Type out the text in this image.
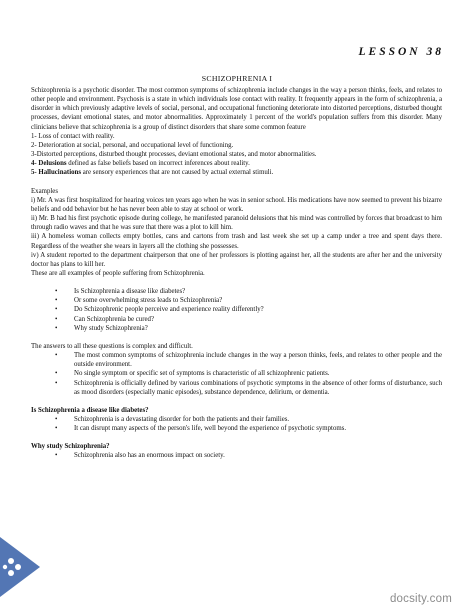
LESSON 38
SCHIZOPHRENIA I

Schizophrenia is a psychotic disorder. The most common symptoms of schizophrenia include changes in the way a person thinks, feels, and relates to other people and environment. Psychosis is a state in which individuals lose contact with reality. It frequently appears in the form of schizophrenia, a disorder in which previously adaptive levels of social, personal, and occupational functioning deteriorate into distorted perceptions, disturbed thought processes, deviant emotional states, and motor abnormalities. Approximately 1 percent of the world's population suffers from this disorder. Many clinicians believe that schizophrenia is a group of distinct disorders that share some common feature

1- Loss of contact with reality.

2- Deterioration at social, personal, and occupational level of functioning.

3-Distorted perceptions, disturbed thought processes, deviant emotional states, and motor abnormalities.

4- Delusions defined as false beliefs based on incorrect inferences about reality.

5- Hallucinations are sensory experiences that are not caused by actual external stimuli.

Examples

i) Mr. A was first hospitalized for hearing voices ten years ago when he was in senior school. His medications have now seemed to prevent his bizarre beliefs and odd behavior but he has never been able to stay at school or work.

ii) Mr. B had his first psychotic episode during college, he manifested paranoid delusions that his mind was controlled by forces that broadcast to him through radio waves and that he was sure that there was a plot to kill him.

iii) A homeless woman collects empty bottles, cans and cartons from trash and last week she set up a camp under a tree and spent days there. Regardless of the weather she wears in layers all the clothing she possesses.

iv) A student reported to the department chairperson that one of her professors is plotting against her, all the students are after her and the university doctor has plans to kill her.

These are all examples of people suffering from Schizophrenia.

• Is Schizophrenia a disease like diabetes?
• Or some overwhelming stress leads to Schizophrenia?
• Do Schizophrenic people perceive and experience reality differently?
• Can Schizophrenia be cured?
• Why study Schizophrenia?

The answers to all these questions is complex and difficult.

• The most common symptoms of schizophrenia include changes in the way a person thinks, feels, and relates to other people and the outside environment.
• No single symptom or specific set of symptoms is characteristic of all schizophrenic patients.
• Schizophrenia is officially defined by various combinations of psychotic symptoms in the absence of other forms of disturbance, such as mood disorders (especially manic episodes), substance dependence, delirium, or dementia.

Is Schizophrenia a disease like diabetes?

• Schizophrenia is a devastating disorder for both the patients and their families.
• It can disrupt many aspects of the person's life, well beyond the experience of psychotic symptoms.

Why study Schizophrenia?

• Schizophrenia also has an enormous impact on society.
docsity.com
